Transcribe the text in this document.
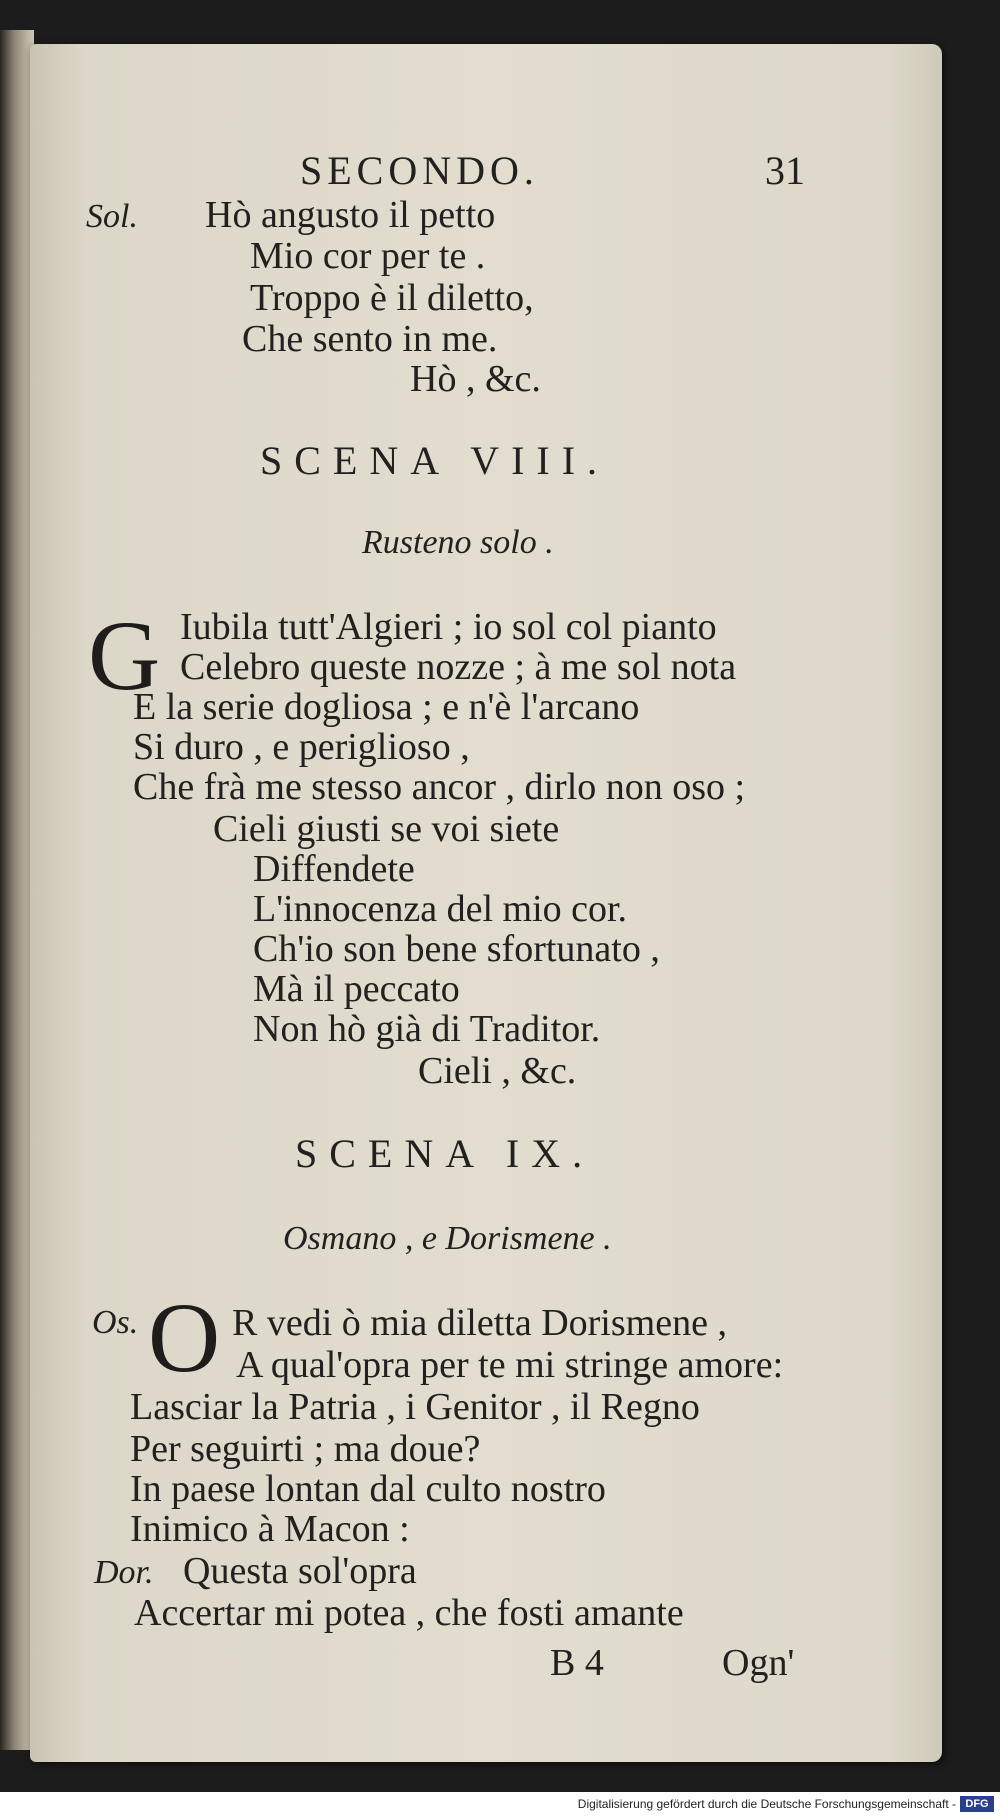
SECONDO.	31
Sol. Hò angusto il petto
Mio cor per te .
Troppo è il diletto,
Che sento in me.
Hò , &c.
SCENA VIII.
Rusteno solo .
G Iubila tutt'Algieri ; io sol col pianto
Celebro queste nozze ; à me sol nota
E la serie dogliosa ; e n'è l'arcano
Si duro , e periglioso ,
Che frà me stesso ancor , dirlo non oso ;
Cieli giusti se voi siete
Diffendete
L'innocenza del mio cor.
Ch'io son bene sfortunato ,
Mà il peccato
Non hò già di Traditor.
Cieli , &c.
SCENA IX.
Osmano , e Dorismene .
Os. O R vedi ò mia diletta Dorismene ,
A qual'opra per te mi stringe amore:
Lasciar la Patria , i Genitor , il Regno
Per seguirti ; ma doue?
In paese lontan dal culto nostro
Inimico à Macon :
Dor. Questa sol'opra
Accertar mi potea , che fosti amante
B 4	Ogn'
Digitalisierung gefördert durch die Deutsche Forschungsgemeinschaft - DFG
